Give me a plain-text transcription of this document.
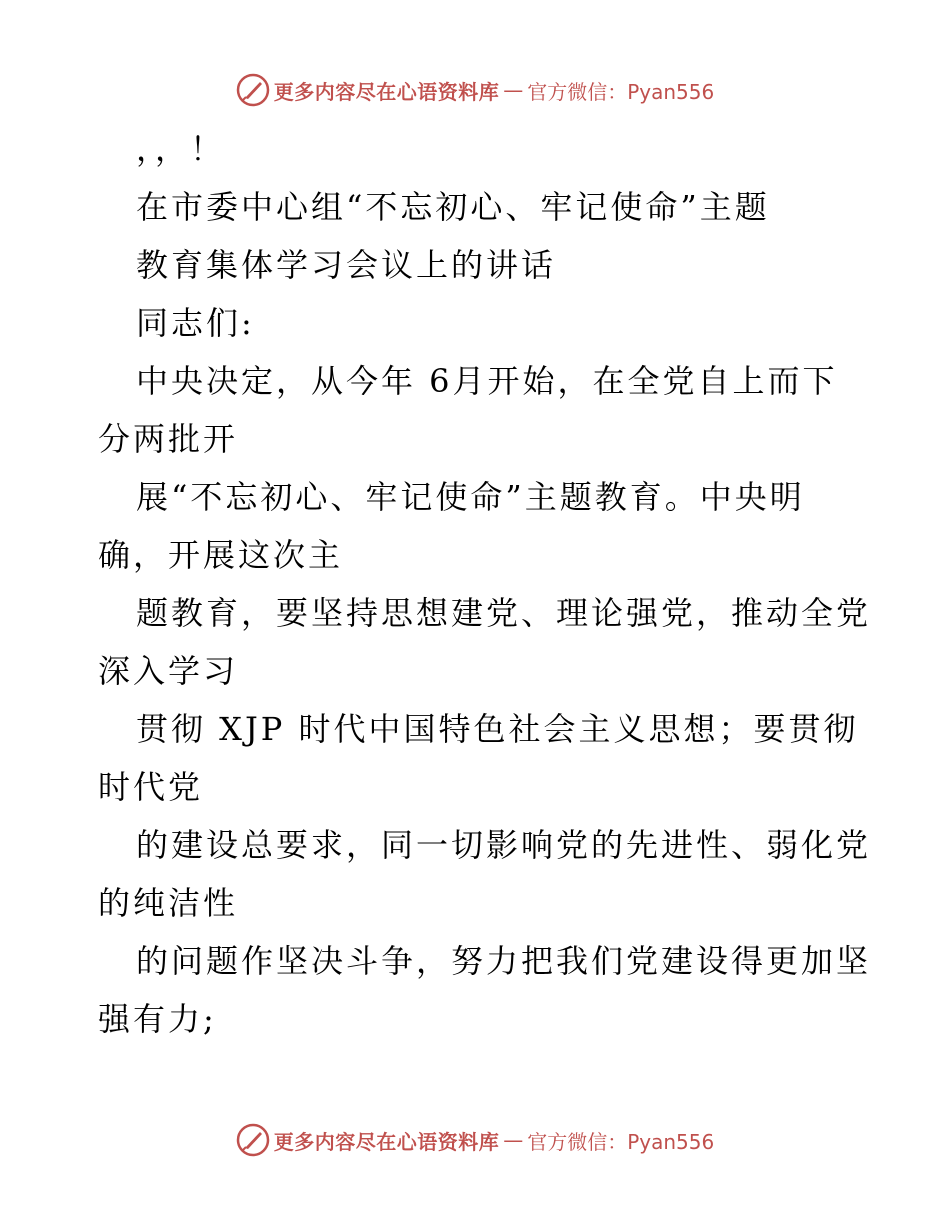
更多内容尽在心语资料库 — 官方微信：Pyan556

，，！

在市委中心组“不忘初心、牢记使命”主题

教育集体学习会议上的讲话

同志们:

中央决定，从今年 6月开始，在全党自上而下

分两批开

展“不忘初心、牢记使命”主题教育。中央明

确，开展这次主

题教育，要坚持思想建党、理论强党，推动全党

深入学习

贯彻 XJP 时代中国特色社会主义思想；要贯彻

时代党

的建设总要求，同一切影响党的先进性、弱化党

的纯洁性

的问题作坚决斗争，努力把我们党建设得更加坚

强有力;

更多内容尽在心语资料库 — 官方微信：Pyan556
